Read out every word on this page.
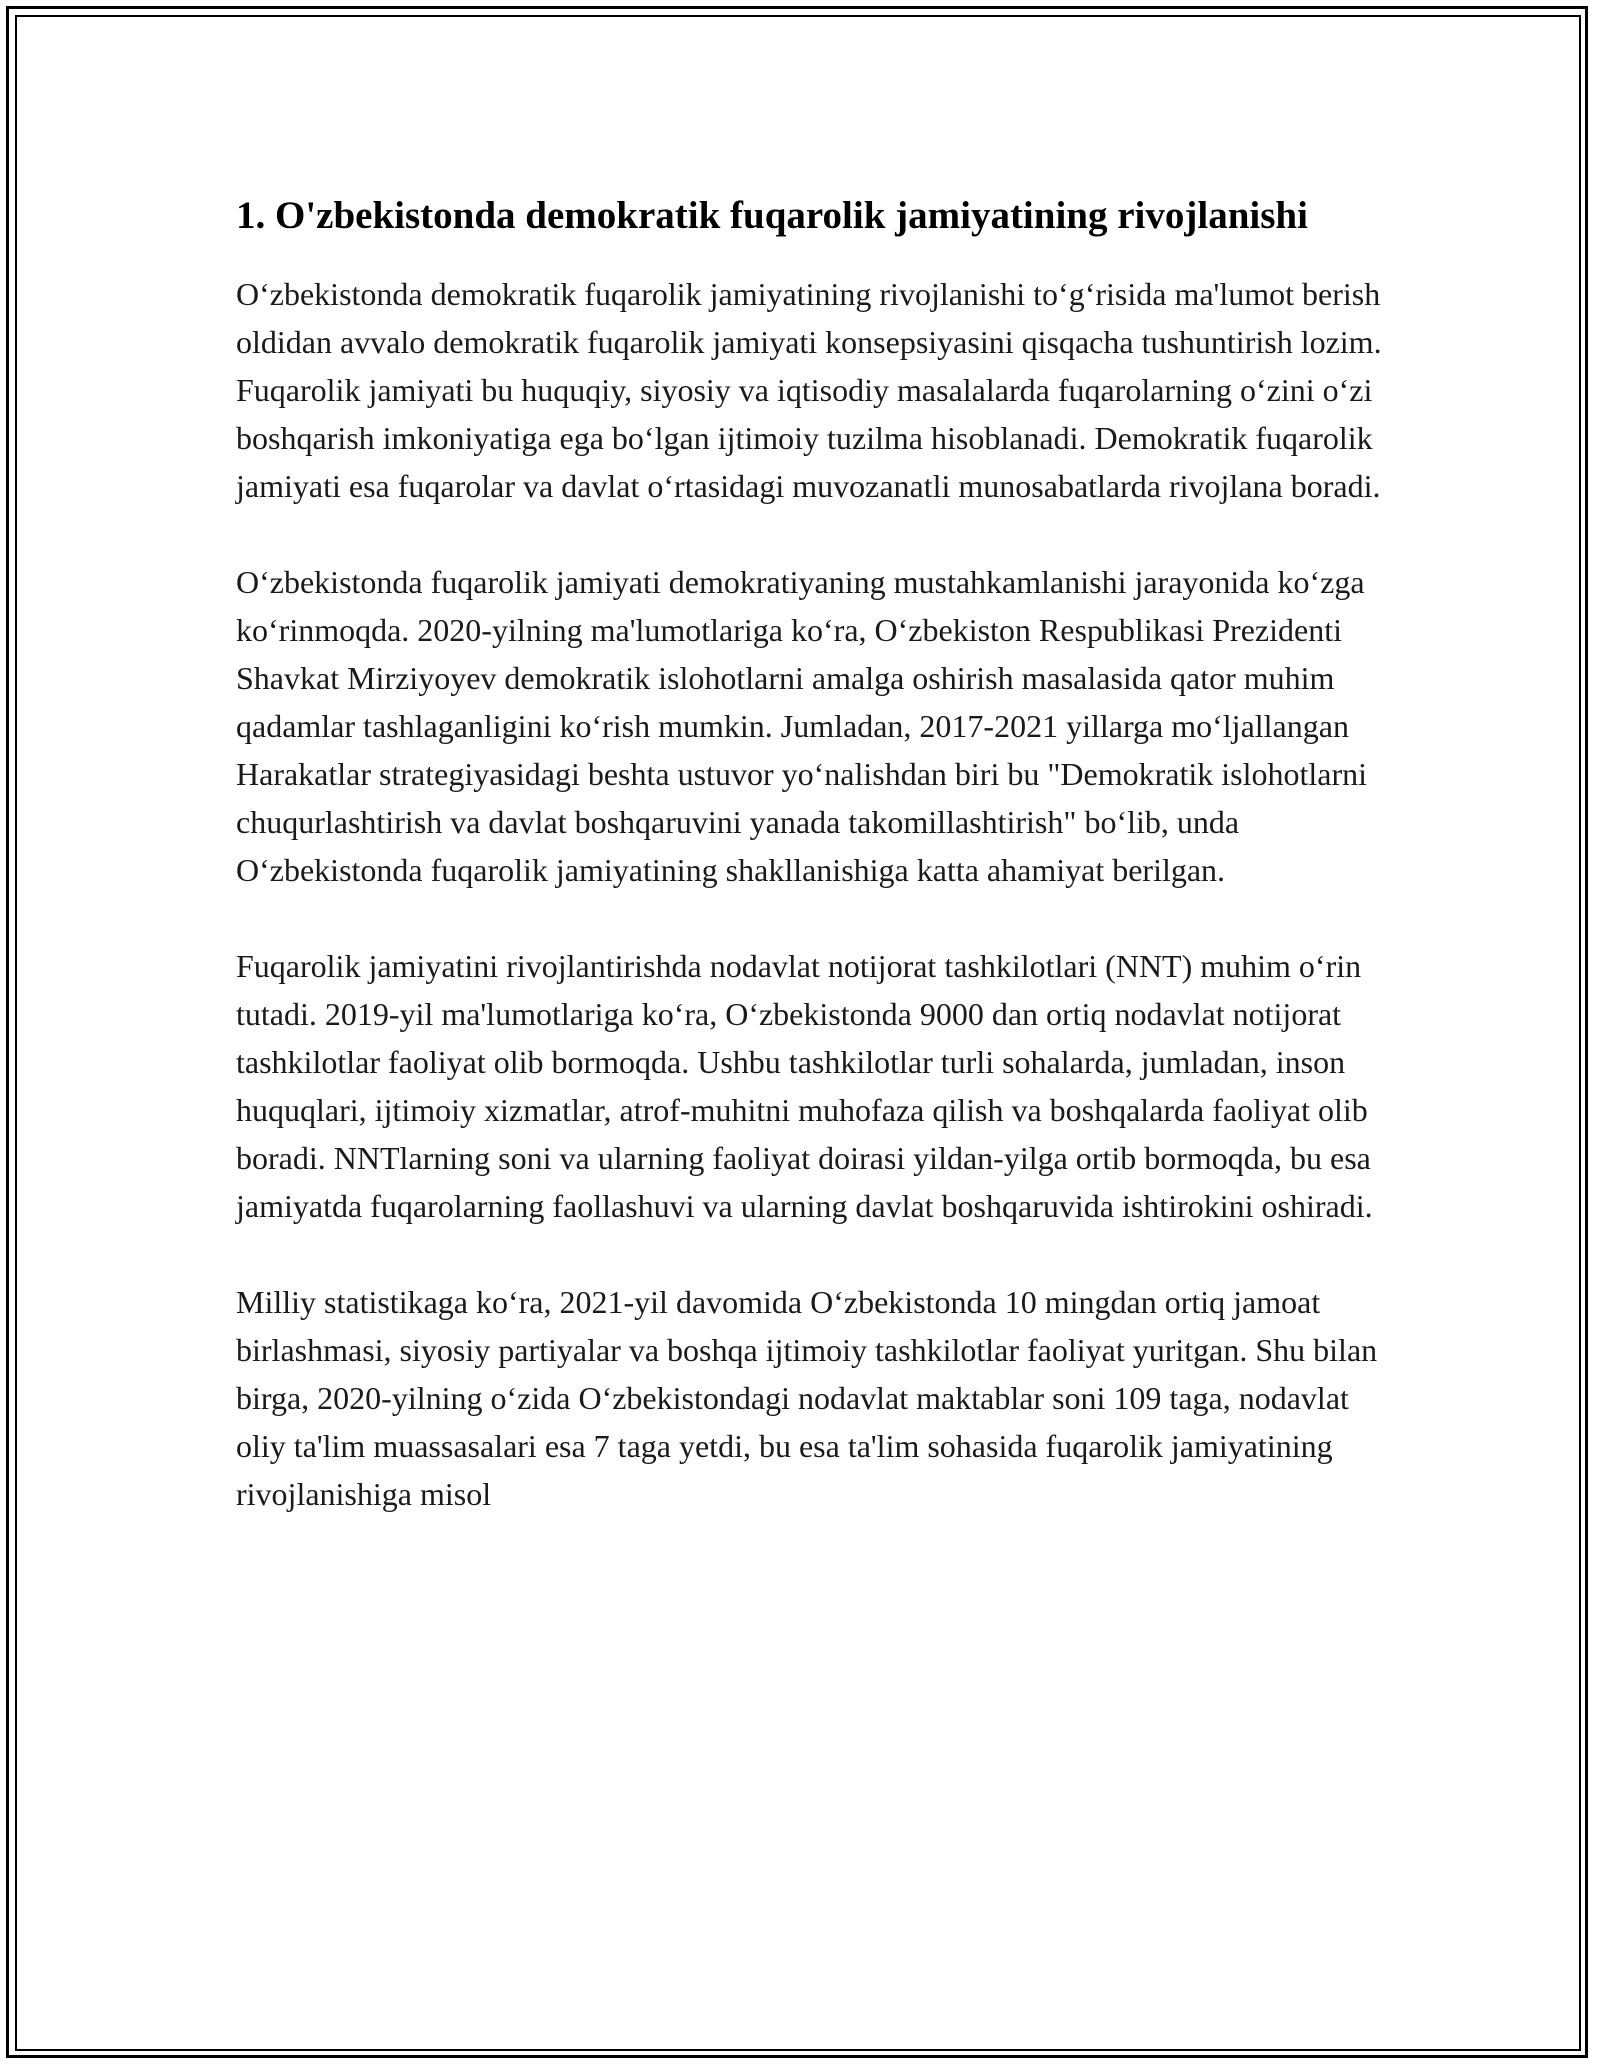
1. O'zbekistonda demokratik fuqarolik jamiyatining rivojlanishi

O‘zbekistonda demokratik fuqarolik jamiyatining rivojlanishi to‘g‘risida ma'lumot berish oldidan avvalo demokratik fuqarolik jamiyati konsepsiyasini qisqacha tushuntirish lozim. Fuqarolik jamiyati bu huquqiy, siyosiy va iqtisodiy masalalarda fuqarolarning o‘zini o‘zi boshqarish imkoniyatiga ega bo‘lgan ijtimoiy tuzilma hisoblanadi. Demokratik fuqarolik jamiyati esa fuqarolar va davlat o‘rtasidagi muvozanatli munosabatlarda rivojlana boradi.

O‘zbekistonda fuqarolik jamiyati demokratiyaning mustahkamlanishi jarayonida ko‘zga ko‘rinmoqda. 2020-yilning ma'lumotlariga ko‘ra, O‘zbekiston Respublikasi Prezidenti Shavkat Mirziyoyev demokratik islohotlarni amalga oshirish masalasida qator muhim qadamlar tashlaganligini ko‘rish mumkin. Jumladan, 2017-2021 yillarga mo‘ljallangan Harakatlar strategiyasidagi beshta ustuvor yo‘nalishdan biri bu "Demokratik islohotlarni chuqurlashtirish va davlat boshqaruvini yanada takomillashtirish" bo‘lib, unda O‘zbekistonda fuqarolik jamiyatining shakllanishiga katta ahamiyat berilgan.

Fuqarolik jamiyatini rivojlantirishda nodavlat notijorat tashkilotlari (NNT) muhim o‘rin tutadi. 2019-yil ma'lumotlariga ko‘ra, O‘zbekistonda 9000 dan ortiq nodavlat notijorat tashkilotlar faoliyat olib bormoqda. Ushbu tashkilotlar turli sohalarda, jumladan, inson huquqlari, ijtimoiy xizmatlar, atrof-muhitni muhofaza qilish va boshqalarda faoliyat olib boradi. NNTlarning soni va ularning faoliyat doirasi yildan-yilga ortib bormoqda, bu esa jamiyatda fuqarolarning faollashuvi va ularning davlat boshqaruvida ishtirokini oshiradi.

Milliy statistikaga ko‘ra, 2021-yil davomida O‘zbekistonda 10 mingdan ortiq jamoat birlashmasi, siyosiy partiyalar va boshqa ijtimoiy tashkilotlar faoliyat yuritgan. Shu bilan birga, 2020-yilning o‘zida O‘zbekistondagi nodavlat maktablar soni 109 taga, nodavlat oliy ta'lim muassasalari esa 7 taga yetdi, bu esa ta'lim sohasida fuqarolik jamiyatining rivojlanishiga misol
